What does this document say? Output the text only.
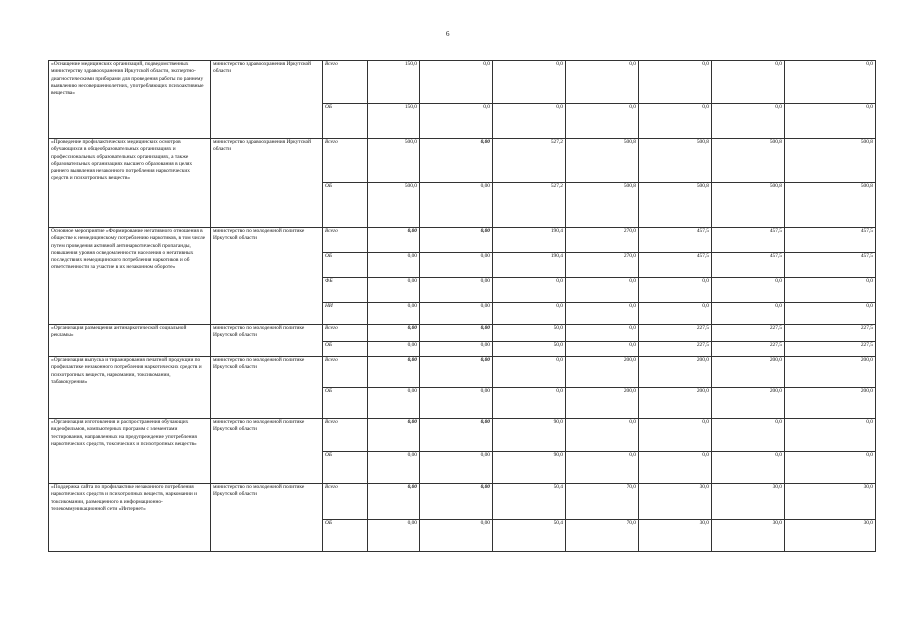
6
«Оснащение медицинских организаций, подведомственных министерству здравоохранения Иркутской области, экспертно-диагностическими приборами для проведения работы по раннему выявлению несовершеннолетних, употребляющих психоактивные вещества»	министерство здравоохранения Иркутской области	Всего	150,0	0,0	0,0	0,0	0,0	0,0	0,0
		ОБ	150,0	0,0	0,0	0,0	0,0	0,0	0,0
«Проведение профилактических медицинских осмотров обучающихся в общеобразовательных организациях и профессиональных образовательных организациях, а также образовательных организациях высшего образования в целях раннего выявления незаконного потребления наркотических средств и психотропных веществ»	министерство здравоохранения Иркутской области	Всего	500,0	0,00	527,2	500,8	500,8	500,8	500,8
		ОБ	500,0	0,00	527,2	500,8	500,8	500,8	500,8
Основное мероприятие «Формирование негативного отношения в обществе к немедицинскому потреблению наркотиков, в том числе путем проведения активной антинаркотической пропаганды, повышения уровня осведомленности населения о негативных последствиях немедицинского потребления наркотиков и об ответственности за участие в их незаконном обороте»	министерство по молодежной политике Иркутской области	Всего	0,00	0,00	190,4	270,0	457,5	457,5	457,5
		ОБ	0,00	0,00	190,4	270,0	457,5	457,5	457,5
		ФБ	0,00	0,00	0,0	0,0	0,0	0,0	0,0
		НИ	0,00	0,00	0,0	0,0	0,0	0,0	0,0
«Организация размещения антинаркотической социальной рекламы»	министерство по молодежной политике Иркутской области	Всего	0,00	0,00	50,0	0,0	227,5	227,5	227,5
		ОБ	0,00	0,00	50,0	0,0	227,5	227,5	227,5
«Организация выпуска и тиражирования печатной продукции по профилактике незаконного потребления наркотических средств и психотропных веществ, наркомании, токсикомании, табакокурения»	министерство по молодежной политике Иркутской области	Всего	0,00	0,00	0,0	200,0	200,0	200,0	200,0
		ОБ	0,00	0,00	0,0	200,0	200,0	200,0	200,0
«Организация изготовления и распространения обучающих видеофильмов, компьютерных программ с элементами тестирования, направленных на предупреждение употребления наркотических средств, токсических и психотропных веществ»	министерство по молодежной политике Иркутской области	Всего	0,00	0,00	90,0	0,0	0,0	0,0	0,0
		ОБ	0,00	0,00	90,0	0,0	0,0	0,0	0,0
«Поддержка сайта по профилактике незаконного потребления наркотических средств и психотропных веществ, наркомании и токсикомании, размещенного в информационно-телекоммуникационной сети «Интернет»	министерство по молодежной политике Иркутской области	Всего	0,00	0,00	50,4	70,0	30,0	30,0	30,0
		ОБ	0,00	0,00	50,4	70,0	30,0	30,0	30,0
